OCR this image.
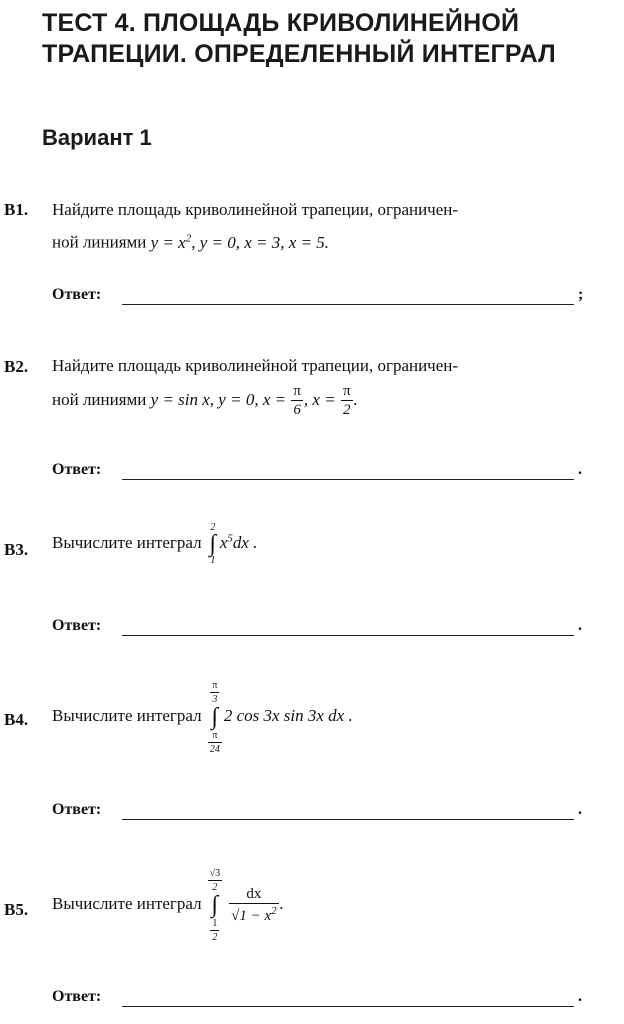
ТЕСТ 4. ПЛОЩАДЬ КРИВОЛИНЕЙНОЙ
ТРАПЕЦИИ. ОПРЕДЕЛЕННЫЙ ИНТЕГРАЛ
Вариант 1
B1. Найдите площадь криволинейной трапеции, ограничен-
ной линиями $y = x^2$, y = 0, x = 3, x = 5.
Ответ:	;
B2. Найдите площадь криволинейной трапеции, ограничен-
ной линиями y = sin x, y = 0, $x = \frac{\pi}{6}$ , $x = \frac{\pi}{2}$ .
Ответ:	.
B3. Вычислите интеграл
2
∫
1
$x^5dx$ .
Ответ:	.
B4. Вычислите интеграл
$\frac{\pi}{3}$
∫
$\frac{\pi}{24}$
2 cos 3x sin 3x dx .
Ответ:	.
B5. Вычислите интеграл
$\frac{√3}{2}$
∫
$\frac{1}{2}$

$\frac{dx}{√1 - x^2}$ .
Ответ:	.
